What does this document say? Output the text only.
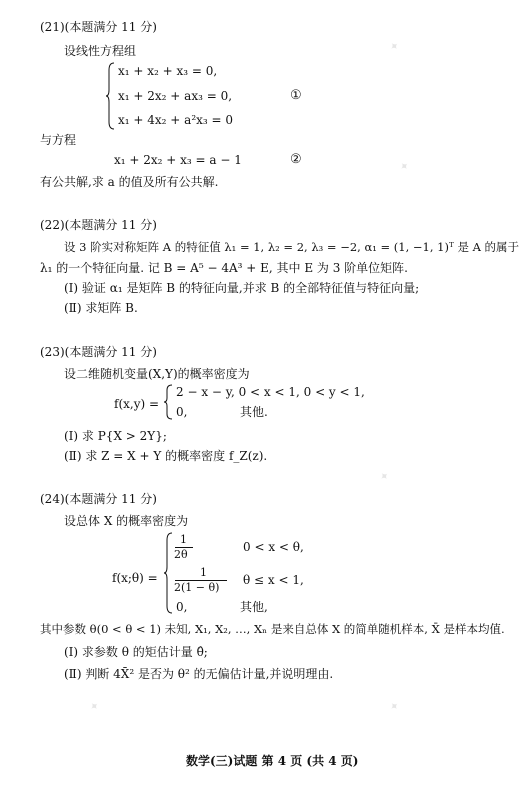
(21)(本题满分 11 分)
设线性方程组
x₁ + x₂ + x₃ = 0,
x₁ + 2x₂ + ax₃ = 0,
x₁ + 4x₂ + a²x₃ = 0
①
与方程
x₁ + 2x₂ + x₃ = a − 1	②
有公共解,求 a 的值及所有公共解.
(22)(本题满分 11 分)
设 3 阶实对称矩阵 A 的特征值 λ₁ = 1, λ₂ = 2, λ₃ = −2, α₁ = (1, −1, 1)ᵀ 是 A 的属于
λ₁ 的一个特征向量. 记 B = A⁵ − 4A³ + E, 其中 E 为 3 阶单位矩阵.
(Ⅰ) 验证 α₁ 是矩阵 B 的特征向量,并求 B 的全部特征值与特征向量;
(Ⅱ) 求矩阵 B.
(23)(本题满分 11 分)
设二维随机变量(X,Y)的概率密度为
f(x,y) =
2 − x − y, 0 < x < 1, 0 < y < 1,
0,	其他.
(Ⅰ) 求 P{X > 2Y};
(Ⅱ) 求 Z = X + Y 的概率密度 f_Z(z).
(24)(本题满分 11 分)
设总体 X 的概率密度为
f(x;θ) =
1
2θ
0 < x < θ,
1
2(1 − θ)
θ ≤ x < 1,
0,	其他,
其中参数 θ(0 < θ < 1) 未知, X₁, X₂, …, Xₙ 是来自总体 X 的简单随机样本, X̄ 是样本均值.
(Ⅰ) 求参数 θ 的矩估计量 θ̂;
(Ⅱ) 判断 4X̄² 是否为 θ² 的无偏估计量,并说明理由.
✦
✦
✦
✦	✦
数学(三)试题 第 4 页 (共 4 页)
